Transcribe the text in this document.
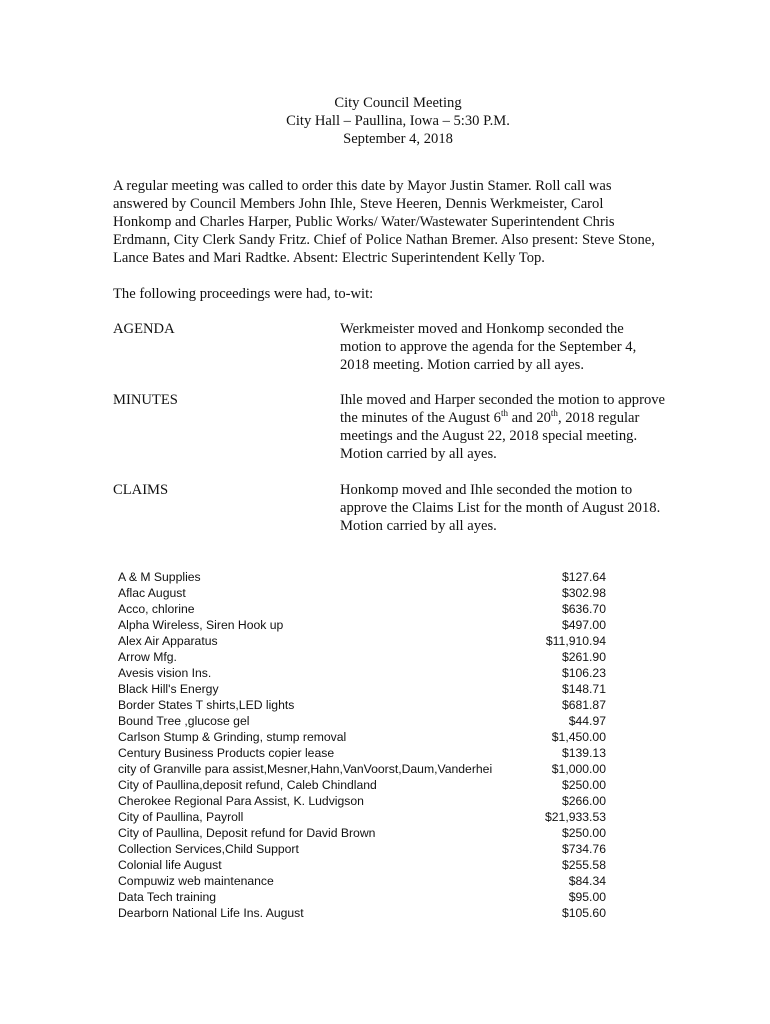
City Council Meeting
City Hall – Paullina, Iowa – 5:30 P.M.
September 4, 2018
A regular meeting was called to order this date by Mayor Justin Stamer. Roll call was
answered by Council Members John Ihle, Steve Heeren, Dennis Werkmeister, Carol
Honkomp and Charles Harper, Public Works/ Water/Wastewater Superintendent Chris
Erdmann, City Clerk Sandy Fritz. Chief of Police Nathan Bremer. Also present: Steve Stone,
Lance Bates and Mari Radtke. Absent: Electric Superintendent Kelly Top.
The following proceedings were had, to-wit:
AGENDA	Werkmeister moved and Honkomp seconded the
motion to approve the agenda for the September 4,
2018 meeting. Motion carried by all ayes.
MINUTES	Ihle moved and Harper seconded the motion to approve
the minutes of the August 6th and 20th, 2018 regular
meetings and the August 22, 2018 special meeting.
Motion carried by all ayes.
CLAIMS	Honkomp moved and Ihle seconded the motion to
approve the Claims List for the month of August 2018.
Motion carried by all ayes.
A & M Supplies	$127.64
Aflac August	$302.98
Acco, chlorine	$636.70
Alpha Wireless, Siren Hook up	$497.00
Alex Air Apparatus	$11,910.94
Arrow Mfg.	$261.90
Avesis vision Ins.	$106.23
Black Hill's Energy	$148.71
Border States T shirts,LED lights	$681.87
Bound Tree ,glucose gel	$44.97
Carlson Stump & Grinding, stump removal	$1,450.00
Century Business Products copier lease	$139.13
city of Granville para assist,Mesner,Hahn,VanVoorst,Daum,Vanderhei	$1,000.00
City of Paullina,deposit refund, Caleb Chindland	$250.00
Cherokee Regional Para Assist, K. Ludvigson	$266.00
City of Paullina, Payroll	$21,933.53
City of Paullina, Deposit refund for David Brown	$250.00
Collection Services,Child Support	$734.76
Colonial life August	$255.58
Compuwiz web maintenance	$84.34
Data Tech training	$95.00
Dearborn National Life Ins. August	$105.60
